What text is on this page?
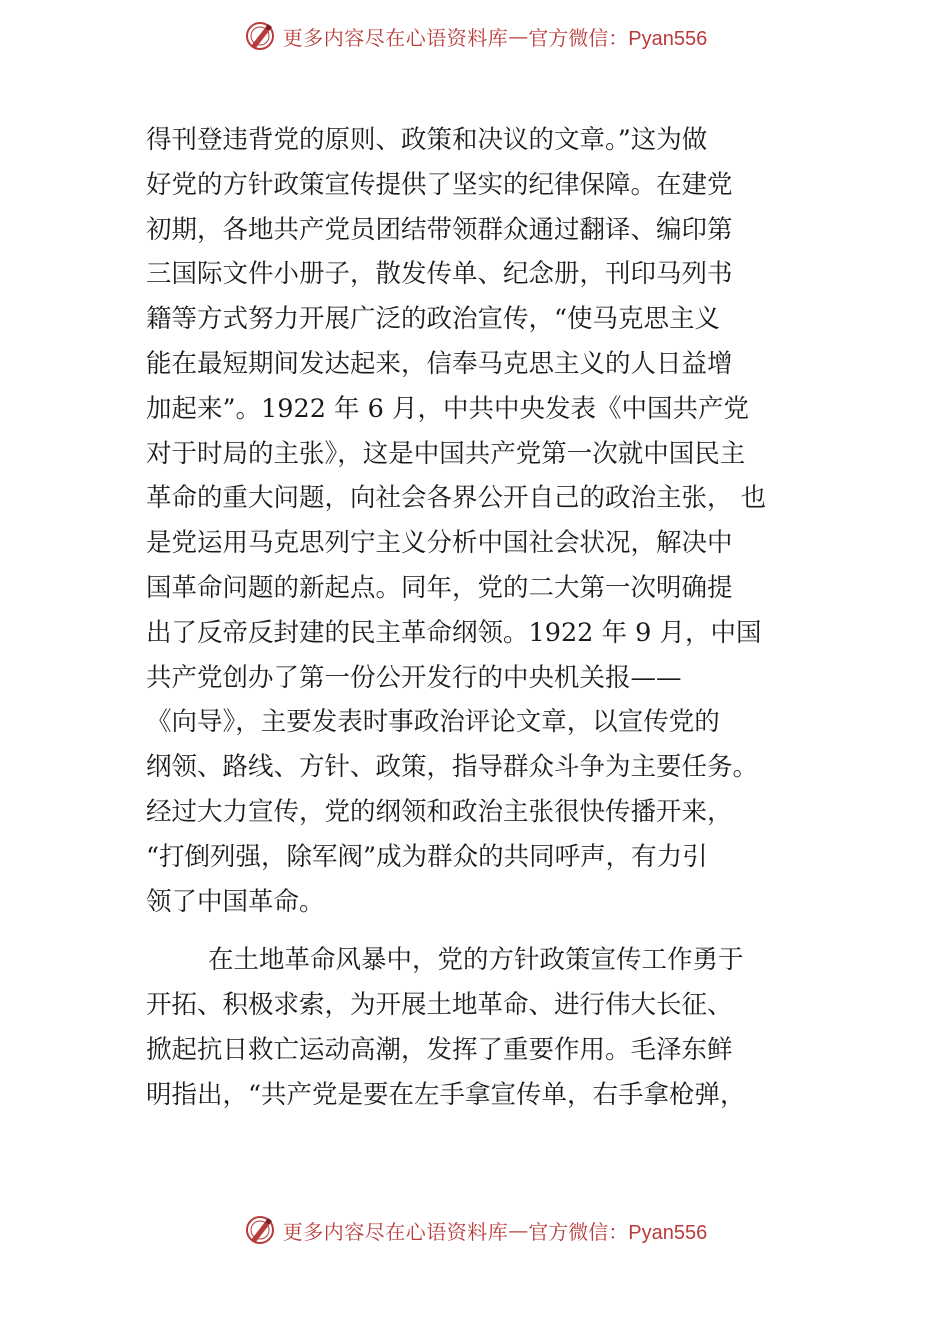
更多内容尽在心语资料库 — 官方微信：Pyan556
得刊登违背党的原则、政策和决议的文章。”这为做
好党的方针政策宣传提供了坚实的纪律保障。在建党
初期，各地共产党员团结带领群众通过翻译、编印第
三国际文件小册子，散发传单、纪念册，刊印马列书
籍等方式努力开展广泛的政治宣传，“使马克思主义
能在最短期间发达起来，信奉马克思主义的人日益增
加起来”。1922 年 6 月，中共中央发表《中国共产党
对于时局的主张》，这是中国共产党第一次就中国民主
革命的重大问题，向社会各界公开自己的政治主张， 也
是党运用马克思列宁主义分析中国社会状况，解决中
国革命问题的新起点。同年，党的二大第一次明确提
出了反帝反封建的民主革命纲领。1922 年 9 月，中国
共产党创办了第一份公开发行的中央机关报——
《向导》，主要发表时事政治评论文章，以宣传党的
纲领、路线、方针、政策，指导群众斗争为主要任务。
经过大力宣传，党的纲领和政治主张很快传播开来，
“打倒列强，除军阀”成为群众的共同呼声，有力引
领了中国革命。
在土地革命风暴中，党的方针政策宣传工作勇于
开拓、积极求索，为开展土地革命、进行伟大长征、
掀起抗日救亡运动高潮，发挥了重要作用。毛泽东鲜
明指出，“共产党是要在左手拿宣传单，右手拿枪弹，
更多内容尽在心语资料库 — 官方微信：Pyan556
